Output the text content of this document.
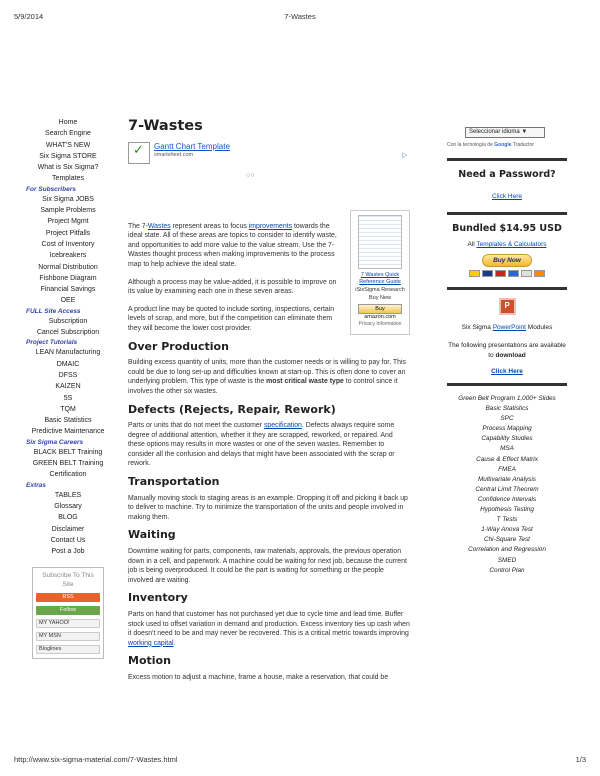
5/9/2014	7-Wastes
http://www.six-sigma-material.com/7-Wastes.html	1/3
Home
Search Engine
WHAT'S NEW
Six Sigma STORE
What is Six Sigma?
Templates
For Subscribers
Six Sigma JOBS
Sample Problems
Project Mgmt
Project Pitfalls
Cost of Inventory
Icebreakers
Normal Distribution
Fishbone Diagram
Financial Savings
OEE
FULL Site Access
Subscription
Cancel Subscription
Project Tutorials
LEAN Manufacturing
DMAIC
DFSS
KAIZEN
5S
TQM
Basic Statistics
Predictive Maintenance
Six Sigma Careers
BLACK BELT Training
GREEN BELT Training
Certification
Extras
TABLES
Glossary
BLOG
Disclaimer
Contact Us
Post a Job
Subscribe To This Site
RSS
Follow
MY YAHOO!
MY MSN
Bloglines
7-Wastes
✓ Gantt Chart Template
smartsheet.com
○○
▷

The 7-Wastes represent areas to focus improvements towards the ideal state. All of these areas are topics to consider to identify waste, and opportunities to add more value to the value stream. Use the 7-Wastes thought process when making improvements to the process map to help achieve the ideal state.

Although a process may be value-added, it is possible to improve on its value by examining each one in these seven areas.

A product line may be quoted to include sorting, inspections, certain levels of scrap, and more, but if the competition can eliminate them they will become the lower cost provider.

7 Wastes Quick Reference Guide
iSixSigma Research
Buy New
Buy amazon.com
Privacy Information
Over Production

Building excess quantity of units, more than the customer needs or is willing to pay for. This could be due to long set-up and difficulties known at start-up. This is often done to cover an underlying problem. This type of waste is the most critical waste type to control since it involves the other six wastes.

Defects (Rejects, Repair, Rework)

Parts or units that do not meet the customer specification. Defects always require some degree of additional attention, whether it they are scrapped, reworked, or repaired. And these options may results in more wastes or one of the seven wastes. Remember to consider all the confusion and delays that might have been associated with the scrap or rework.

Transportation

Manually moving stock to staging areas is an example. Dropping it off and picking it back up to deliver to machine. Try to minimize the transportation of the units and people involved in making them.

Waiting

Downtime waiting for parts, components, raw materials, approvals, the previous operation down in a cell, and paperwork. A machine could be waiting for next job, because the current job is being overproduced. It could be the part is waiting for something or the people involved are waiting.

Inventory

Parts on hand that customer has not purchased yet due to cycle time and lead time. Buffer stock used to offset variation in demand and production. Excess inventory ties up cash when it doesn't need to be and may never be recovered. This is a critical metric towards improving working capital.

Motion

Excess motion to adjust a machine, frame a house, make a reservation, that could be

Seleccionar idioma ▼
Con la tecnología de Google Traductor
Need a Password?
Click Here
Bundled $14.95 USD
All Templates & Calculators
Buy Now
P
Six Sigma PowerPoint Modules
The following presentations are available to download
Click Here
Green Belt Program 1,000+ Slides
Basic Statistics
SPC
Process Mapping
Capability Studies
MSA
Cause & Effect Matrix
FMEA
Multivariate Analysis
Central Limit Theorem
Confidence Intervals
Hypothesis Testing
T Tests
1-Way Anova Test
Chi-Square Test
Correlation and Regression
SMED
Control Plan
